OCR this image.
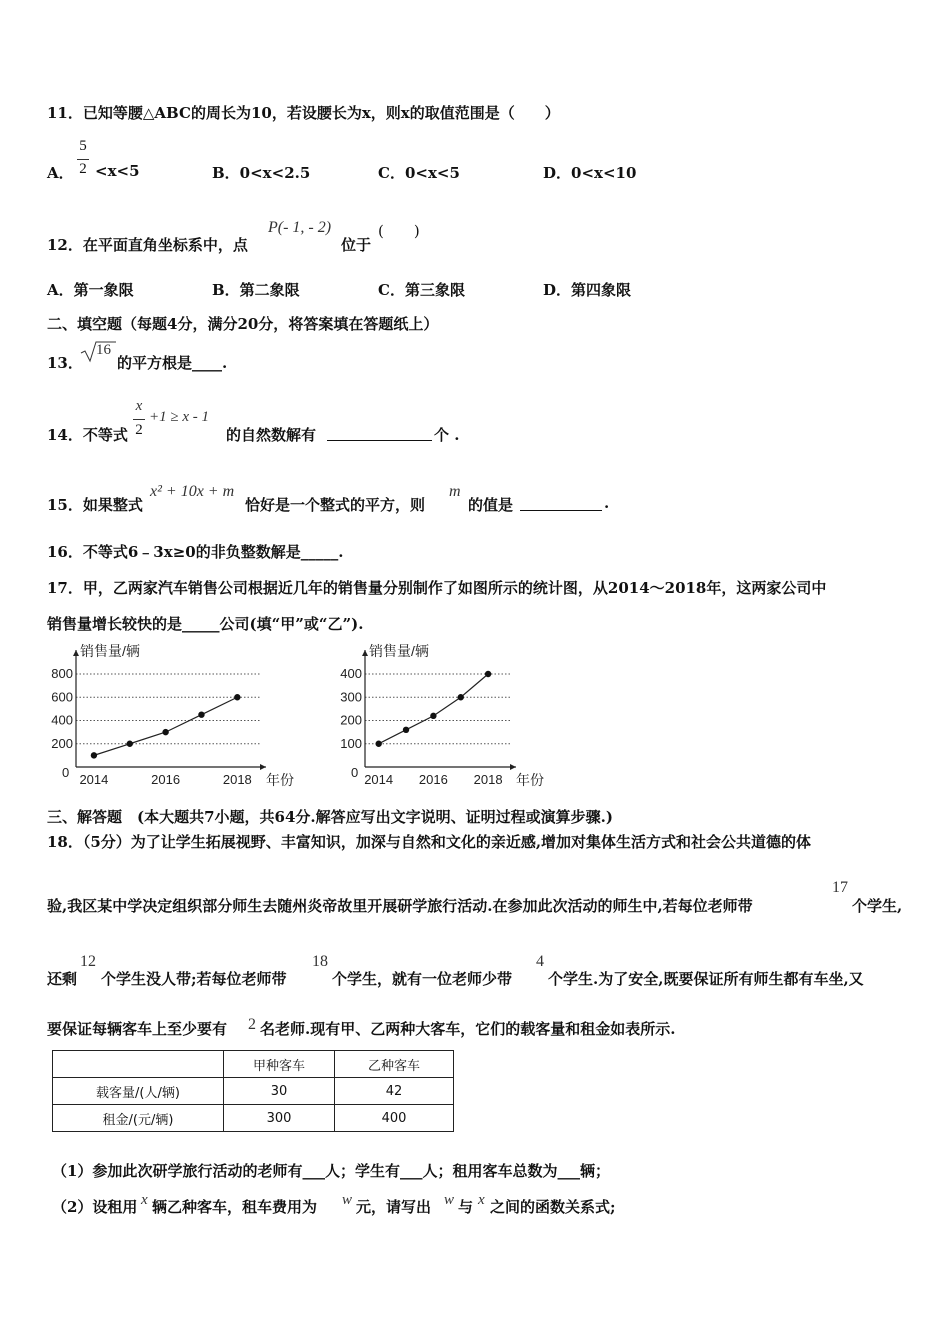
11．已知等腰△ABC的周长为10，若设腰长为x，则x的取值范围是（　　）
A．
5
2 <x<5	B．0<x<2.5	C．0<x<5	D．0<x<10
12．在平面直角坐标系中，点
P(- 1, - 2)
位于
(　　)
A．第一象限	B．第二象限	C．第三象限	D．第四象限
二、填空题（每题4分，满分20分，将答案填在答题纸上）
13．
16
的平方根是____.
14．不等式
x
2
+1 ≥ x - 1
的自然数解有	个 .
15．如果整式
x² + 10x + m
恰好是一个整式的平方，则
m
的值是	.
16．不等式6﹣3x≥0的非负整数解是_____.
17．甲，乙两家汽车销售公司根据近几年的销售量分别制作了如图所示的统计图，从2014～2018年，这两家公司中
销售量增长较快的是_____公司(填“甲”或“乙”).
200
400
600
800
销售量/辆
年份
0 2014	2016	2018
100
200
300
400
销售量/辆
年份
0 2014 2016 2018
三、解答题　(本大题共7小题，共64分.解答应写出文字说明、证明过程或演算步骤.)
18．（5分）为了让学生拓展视野、丰富知识，加深与自然和文化的亲近感,增加对集体生活方式和社会公共道德的体
验,我区某中学决定组织部分师生去随州炎帝故里开展研学旅行活动.在参加此次活动的师生中,若每位老师带
17
个学生,
还剩
12
个学生没人带;若每位老师带
18
个学生，就有一位老师少带
4
个学生.为了安全,既要保证所有师生都有车坐,又
要保证每辆客车上至少要有 2 名老师.现有甲、乙两种大客车，它们的载客量和租金如表所示.
	甲种客车	乙种客车
载客量/(人/辆)	30	42
租金/(元/辆)	300	400
（1）参加此次研学旅行活动的老师有___人；学生有___人；租用客车总数为___辆；
（2）设租用 x 辆乙种客车，租车费用为 w 元，请写出 w 与 x 之间的函数关系式;
